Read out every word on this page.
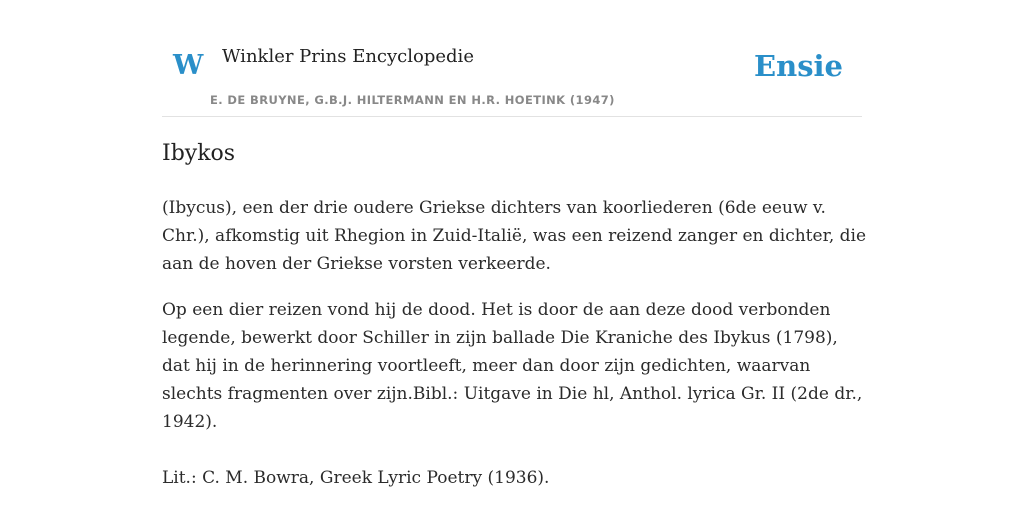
W Winkler Prins Encyclopedie
E. DE BRUYNE, G.B.J. HILTERMANN EN H.R. HOETINK (1947)
Ensie
Ibykos

(Ibycus), een der drie oudere Griekse dichters van koorliederen (6de eeuw v. Chr.), afkomstig uit Rhegion in Zuid-Italië, was een reizend zanger en dichter, die aan de hoven der Griekse vorsten verkeerde.

Op een dier reizen vond hij de dood. Het is door de aan deze dood verbonden legende, bewerkt door Schiller in zijn ballade Die Kraniche des Ibykus (1798), dat hij in de herinnering voortleeft, meer dan door zijn gedichten, waarvan slechts fragmenten over zijn.Bibl.: Uitgave in Die hl, Anthol. lyrica Gr. II (2de dr., 1942).

Lit.: C. M. Bowra, Greek Lyric Poetry (1936).
